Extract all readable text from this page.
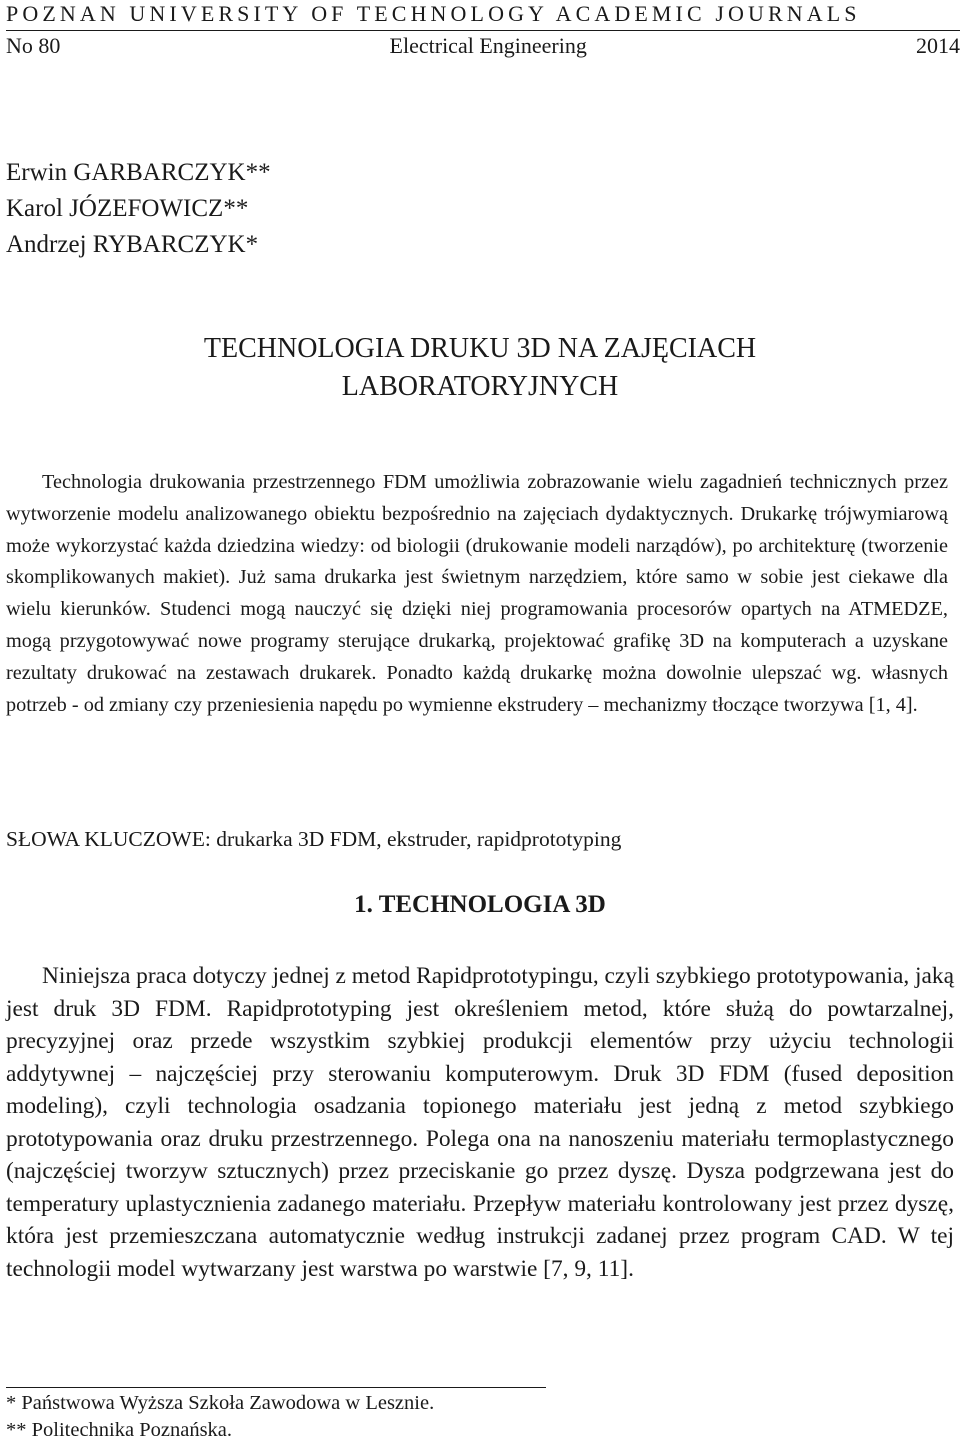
POZNAN UNIVERSITY OF TECHNOLOGY ACADEMIC JOURNALS
No 80	Electrical Engineering	2014
Erwin GARBARCZYK**
Karol JÓZEFOWICZ**
Andrzej RYBARCZYK*
TECHNOLOGIA DRUKU 3D NA ZAJĘCIACH
LABORATORYJNYCH

Technologia drukowania przestrzennego FDM umożliwia zobrazowanie wielu zagadnień technicznych przez wytworzenie modelu analizowanego obiektu bezpośrednio na zajęciach dydaktycznych. Drukarkę trójwymiarową może wykorzystać każda dziedzina wiedzy: od biologii (drukowanie modeli narządów), po architekturę (tworzenie skomplikowanych makiet). Już sama drukarka jest świetnym narzędziem, które samo w sobie jest ciekawe dla wielu kierunków. Studenci mogą nauczyć się dzięki niej programowania procesorów opartych na ATMEDZE, mogą przygotowywać nowe programy sterujące drukarką, projektować grafikę 3D na komputerach a uzyskane rezultaty drukować na zestawach drukarek. Ponadto każdą drukarkę można dowolnie ulepszać wg. własnych potrzeb - od zmiany czy przeniesienia napędu po wymienne ekstrudery – mechanizmy tłoczące tworzywa [1, 4].

SŁOWA KLUCZOWE: drukarka 3D FDM, ekstruder, rapidprototyping
1. TECHNOLOGIA 3D

Niniejsza praca dotyczy jednej z metod Rapidprototypingu, czyli szybkiego prototypowania, jaką jest druk 3D FDM. Rapidprototyping jest określeniem metod, które służą do powtarzalnej, precyzyjnej oraz przede wszystkim szybkiej produkcji elementów przy użyciu technologii addytywnej – najczęściej przy sterowaniu komputerowym. Druk 3D FDM (fused deposition modeling), czyli technologia osadzania topionego materiału jest jedną z metod szybkiego prototypowania oraz druku przestrzennego. Polega ona na nanoszeniu materiału termoplastycznego (najczęściej tworzyw sztucznych) przez przeciskanie go przez dyszę. Dysza podgrzewana jest do temperatury uplastycznienia zadanego materiału. Przepływ materiału kontrolowany jest przez dyszę, która jest przemieszczana automatycznie według instrukcji zadanej przez program CAD. W tej technologii model wytwarzany jest warstwa po warstwie [7, 9, 11].

* Państwowa Wyższa Szkoła Zawodowa w Lesznie.
** Politechnika Poznańska.
